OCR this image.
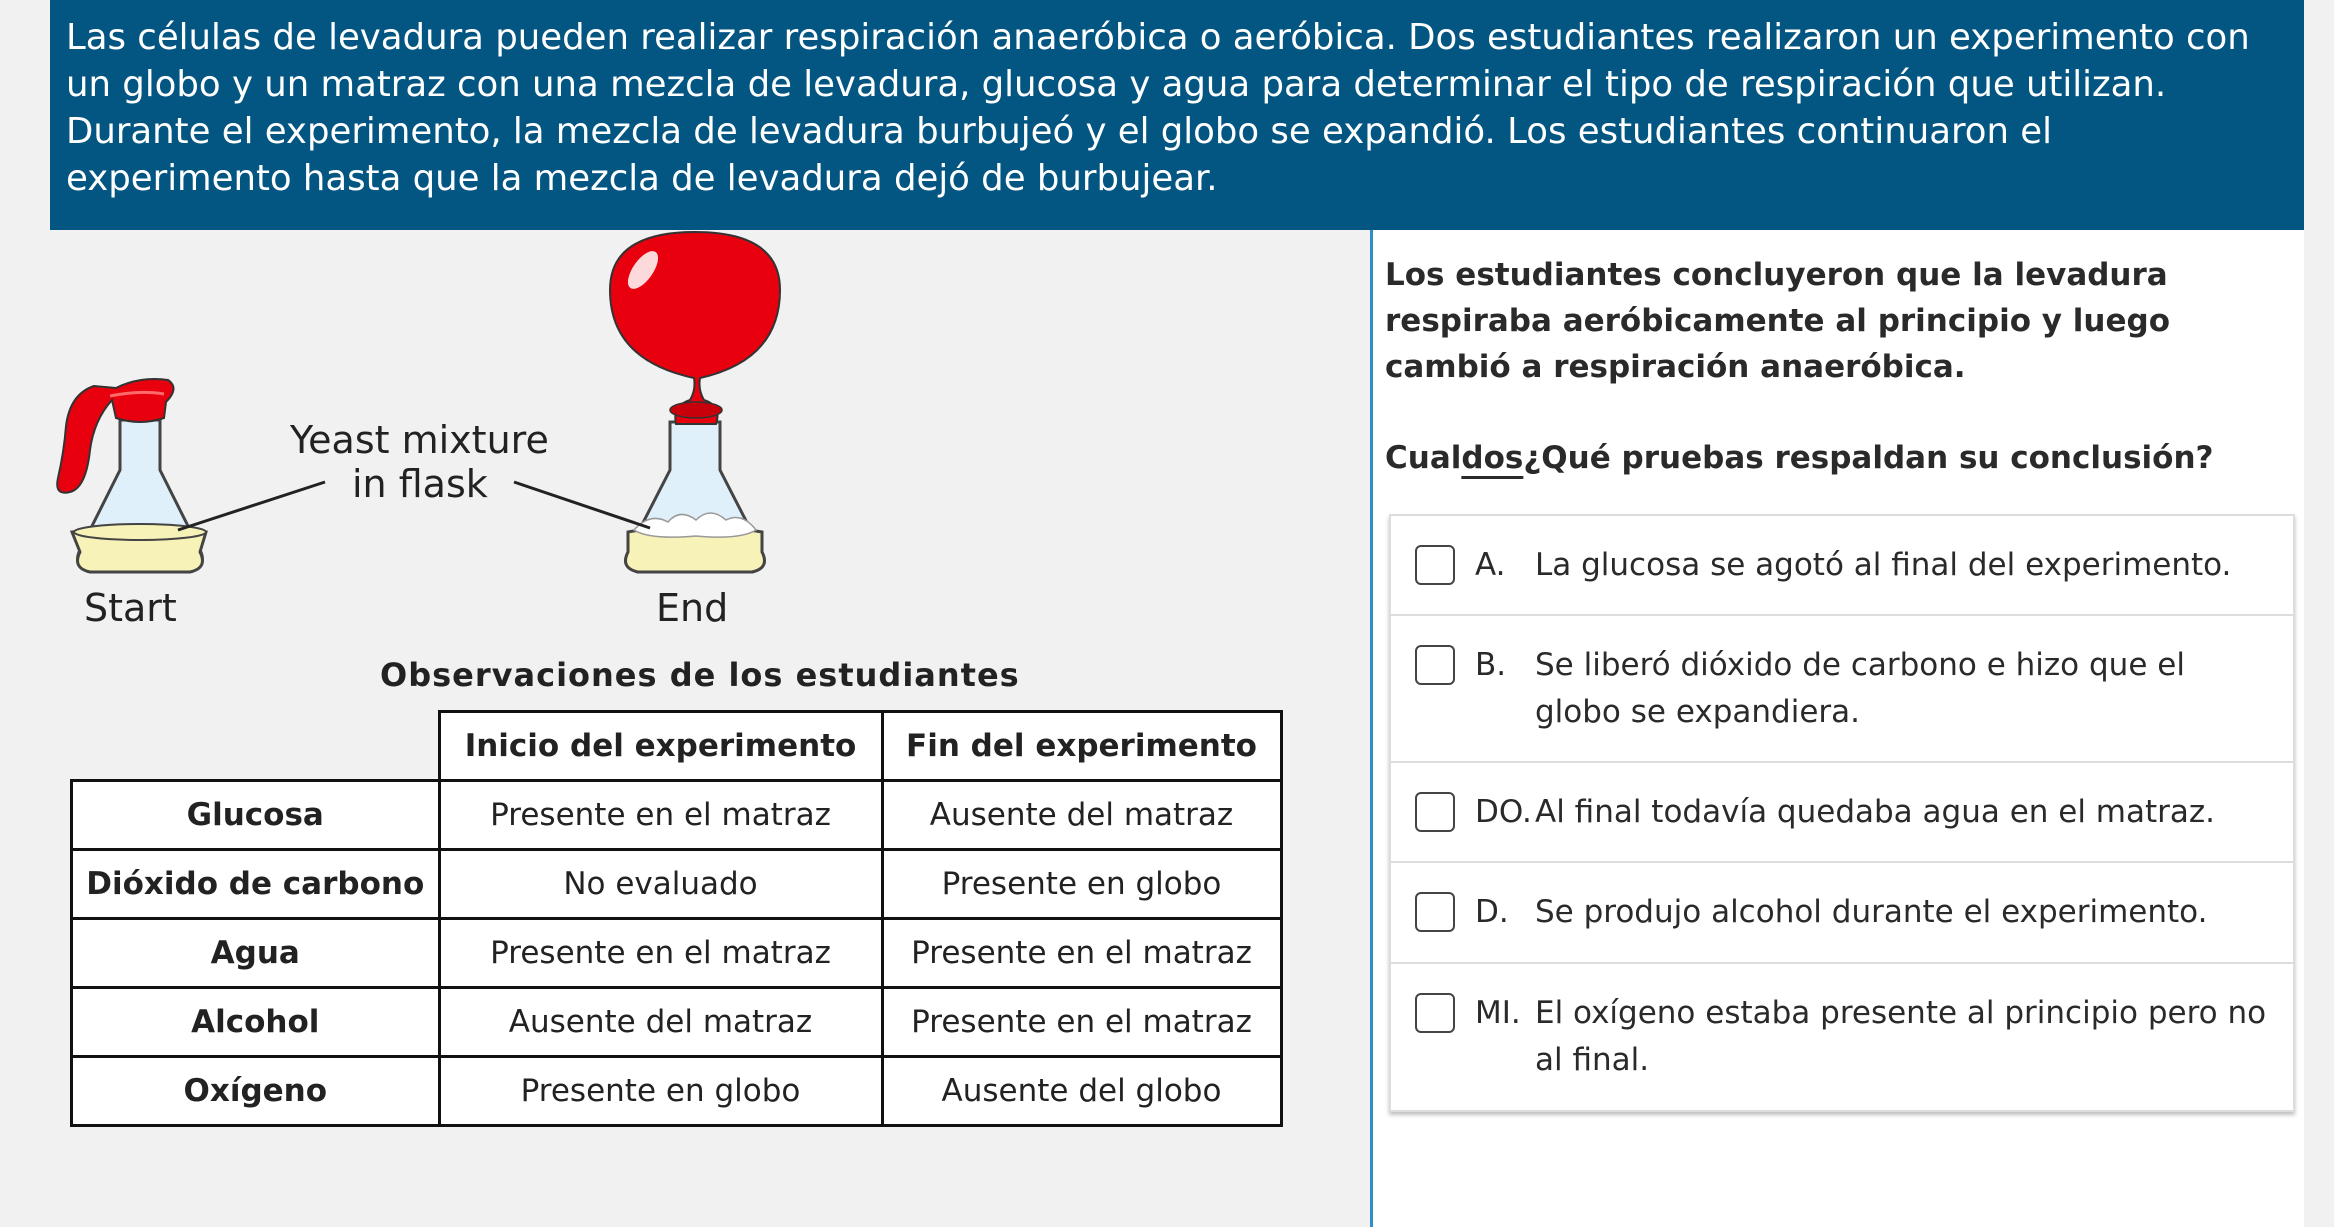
Las células de levadura pueden realizar respiración anaeróbica o aeróbica. Dos estudiantes realizaron un experimento con un globo y un matraz con una mezcla de levadura, glucosa y agua para determinar el tipo de respiración que utilizan. Durante el experimento, la mezcla de levadura burbujeó y el globo se expandió. Los estudiantes continuaron el experimento hasta que la mezcla de levadura dejó de burbujear.
Yeast mixture
in flask
Start	End
Observaciones de los estudiantes
	Inicio del experimento	Fin del experimento
Glucosa	Presente en el matraz	Ausente del matraz
Dióxido de carbono	No evaluado	Presente en globo
Agua	Presente en el matraz	Presente en el matraz
Alcohol	Ausente del matraz	Presente en el matraz
Oxígeno	Presente en globo	Ausente del globo
Los estudiantes concluyeron que la levadura respiraba aeróbicamente al principio y luego cambió a respiración anaeróbica.
Cualdos¿Qué pruebas respaldan su conclusión?
A. La glucosa se agotó al final del experimento.
B. Se liberó dióxido de carbono e hizo que el globo se expandiera.
DO. Al final todavía quedaba agua en el matraz.
D. Se produjo alcohol durante el experimento.
MI. El oxígeno estaba presente al principio pero no al final.
